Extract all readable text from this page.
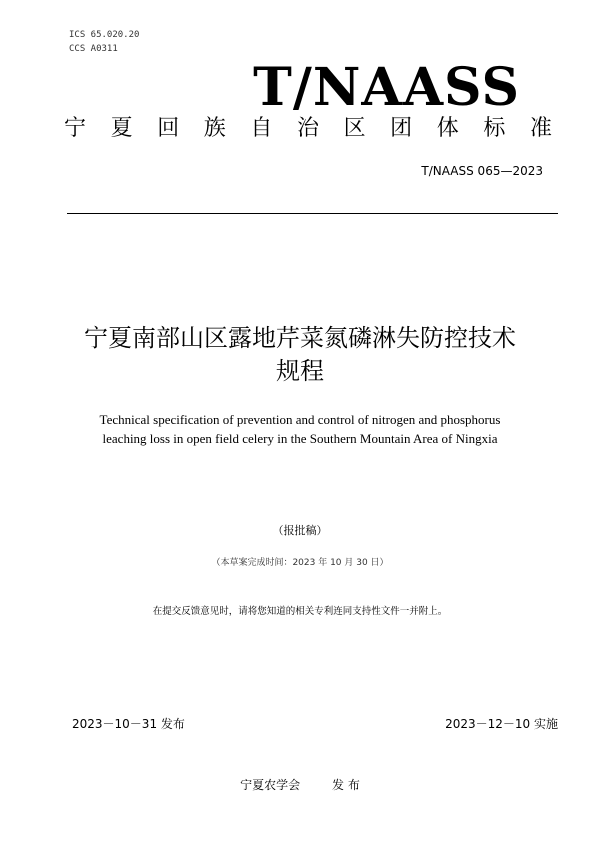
ICS 65.020.20
CCS A0311
T/NAASS
宁 夏 回 族 自 治 区 团 体 标 准
T/NAASS 065—2023
宁夏南部山区露地芹菜氮磷淋失防控技术
规程
Technical specification of prevention and control of nitrogen and phosphorus
leaching loss in open field celery in the Southern Mountain Area of Ningxia
（报批稿）
（本草案完成时间：2023 年 10 月 30 日）
在提交反馈意见时，请将您知道的相关专利连同支持性文件一并附上。
2023－10－31 发布	2023－12－10 实施
宁夏农学会	发 布
